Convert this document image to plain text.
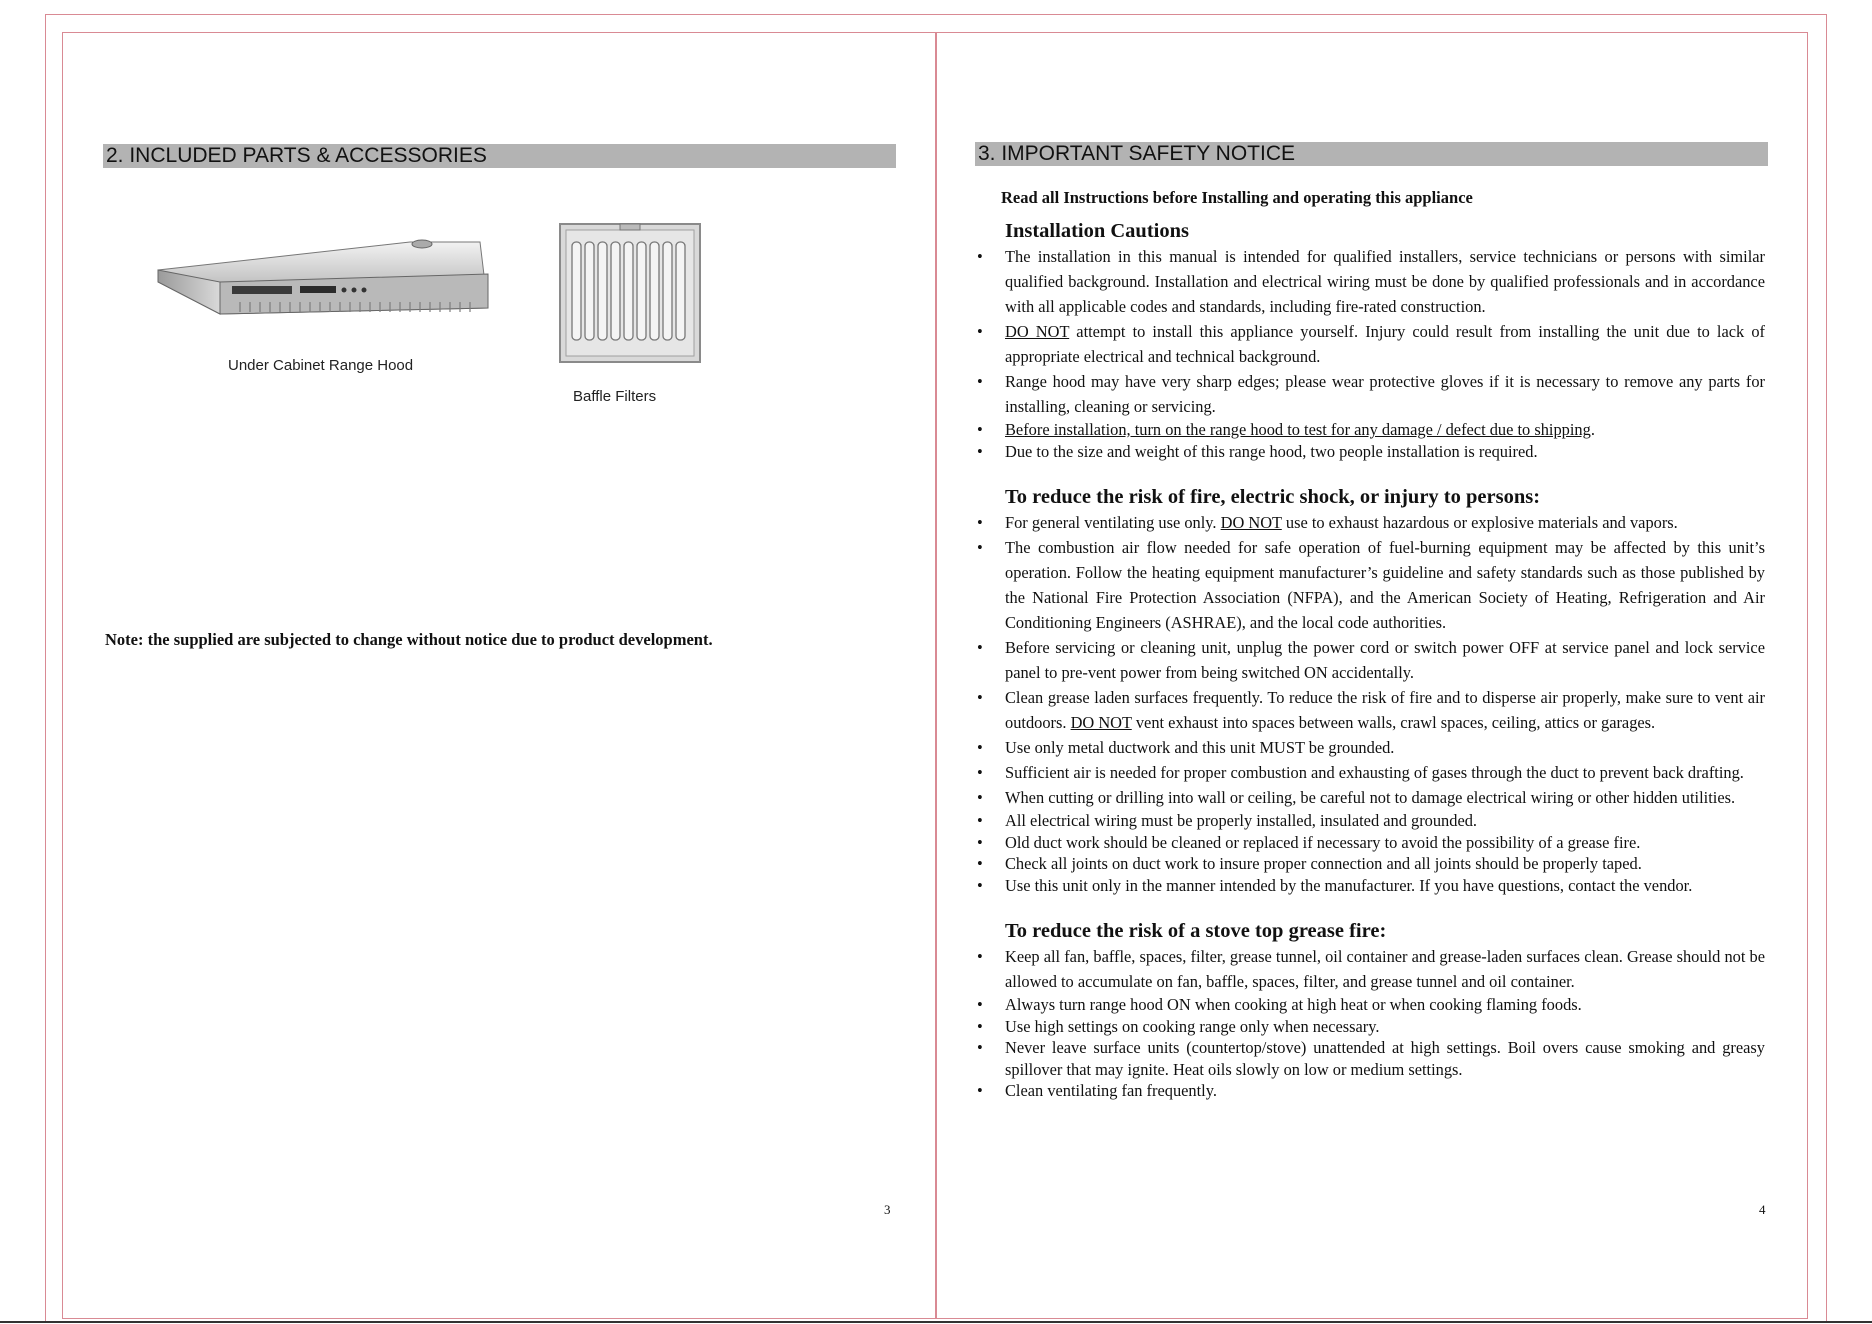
2. INCLUDED PARTS & ACCESSORIES
Under Cabinet Range Hood
Baffle Filters
Note: the supplied are subjected to change without notice due to product development.
3
3. IMPORTANT SAFETY NOTICE
Read all Instructions before Installing and operating this appliance
Installation Cautions
• The installation in this manual is intended for qualified installers, service technicians or persons with similar qualified background. Installation and electrical wiring must be done by qualified professionals and in accordance with all applicable codes and standards, including fire-rated construction.
• DO NOT attempt to install this appliance yourself. Injury could result from installing the unit due to lack of appropriate electrical and technical background.
• Range hood may have very sharp edges; please wear protective gloves if it is necessary to remove any parts for installing, cleaning or servicing.
• Before installation, turn on the range hood to test for any damage / defect due to shipping.
• Due to the size and weight of this range hood, two people installation is required.
To reduce the risk of fire, electric shock, or injury to persons:
• For general ventilating use only. DO NOT use to exhaust hazardous or explosive materials and vapors.
• The combustion air flow needed for safe operation of fuel-burning equipment may be affected by this unit’s operation. Follow the heating equipment manufacturer’s guideline and safety standards such as those published by the National Fire Protection Association (NFPA), and the American Society of Heating, Refrigeration and Air Conditioning Engineers (ASHRAE), and the local code authorities.
• Before servicing or cleaning unit, unplug the power cord or switch power OFF at service panel and lock service panel to pre-vent power from being switched ON accidentally.
• Clean grease laden surfaces frequently. To reduce the risk of fire and to disperse air properly, make sure to vent air outdoors. DO NOT vent exhaust into spaces between walls, crawl spaces, ceiling, attics or garages.
• Use only metal ductwork and this unit MUST be grounded.
• Sufficient air is needed for proper combustion and exhausting of gases through the duct to prevent back drafting.
• When cutting or drilling into wall or ceiling, be careful not to damage electrical wiring or other hidden utilities.
• All electrical wiring must be properly installed, insulated and grounded.
• Old duct work should be cleaned or replaced if necessary to avoid the possibility of a grease fire.
• Check all joints on duct work to insure proper connection and all joints should be properly taped.
• Use this unit only in the manner intended by the manufacturer. If you have questions, contact the vendor.
To reduce the risk of a stove top grease fire:
• Keep all fan, baffle, spaces, filter, grease tunnel, oil container and grease-laden surfaces clean. Grease should not be allowed to accumulate on fan, baffle, spaces, filter, and grease tunnel and oil container.
• Always turn range hood ON when cooking at high heat or when cooking flaming foods.
• Use high settings on cooking range only when necessary.
• Never leave surface units (countertop/stove) unattended at high settings. Boil overs cause smoking and greasy spillover that may ignite. Heat oils slowly on low or medium settings.
• Clean ventilating fan frequently.
4
